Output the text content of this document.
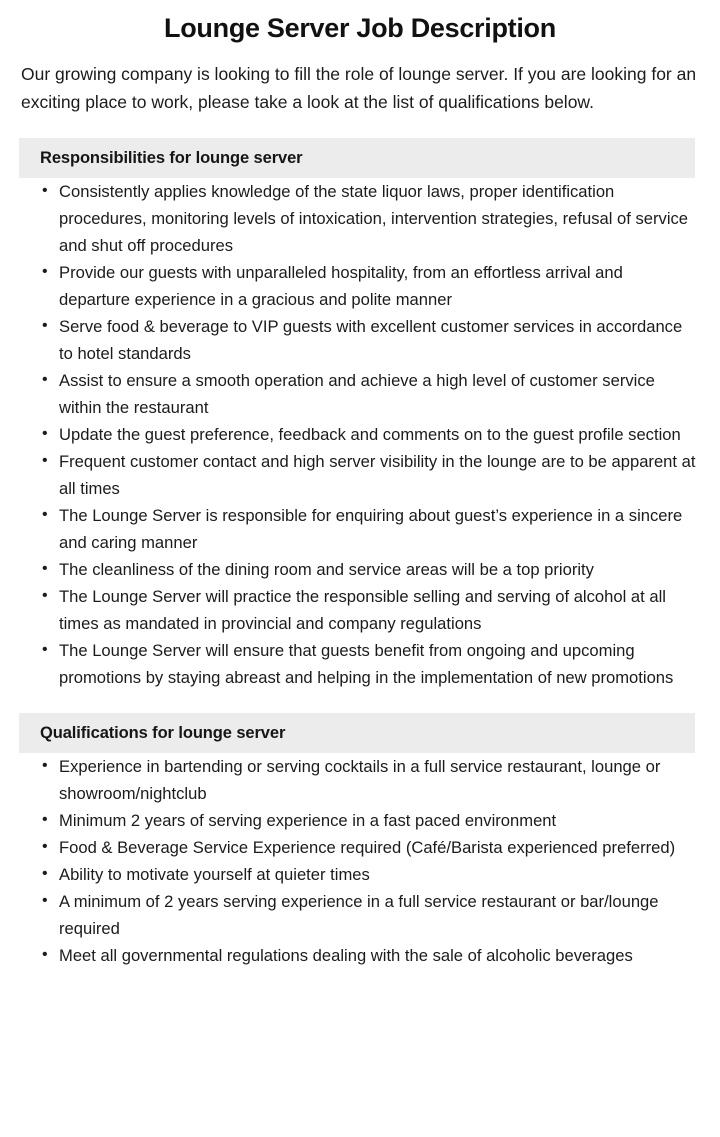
Lounge Server Job Description

Our growing company is looking to fill the role of lounge server. If you are looking for an exciting place to work, please take a look at the list of qualifications below.

Responsibilities for lounge server
• Consistently applies knowledge of the state liquor laws, proper identification procedures, monitoring levels of intoxication, intervention strategies, refusal of service and shut off procedures
• Provide our guests with unparalleled hospitality, from an effortless arrival and departure experience in a gracious and polite manner
• Serve food & beverage to VIP guests with excellent customer services in accordance to hotel standards
• Assist to ensure a smooth operation and achieve a high level of customer service within the restaurant
• Update the guest preference, feedback and comments on to the guest profile section
• Frequent customer contact and high server visibility in the lounge are to be apparent at all times
• The Lounge Server is responsible for enquiring about guest’s experience in a sincere and caring manner
• The cleanliness of the dining room and service areas will be a top priority
• The Lounge Server will practice the responsible selling and serving of alcohol at all times as mandated in provincial and company regulations
• The Lounge Server will ensure that guests benefit from ongoing and upcoming promotions by staying abreast and helping in the implementation of new promotions
Qualifications for lounge server
• Experience in bartending or serving cocktails in a full service restaurant, lounge or showroom/nightclub
• Minimum 2 years of serving experience in a fast paced environment
• Food & Beverage Service Experience required (Café/Barista experienced preferred)
• Ability to motivate yourself at quieter times
• A minimum of 2 years serving experience in a full service restaurant or bar/lounge required
• Meet all governmental regulations dealing with the sale of alcoholic beverages
